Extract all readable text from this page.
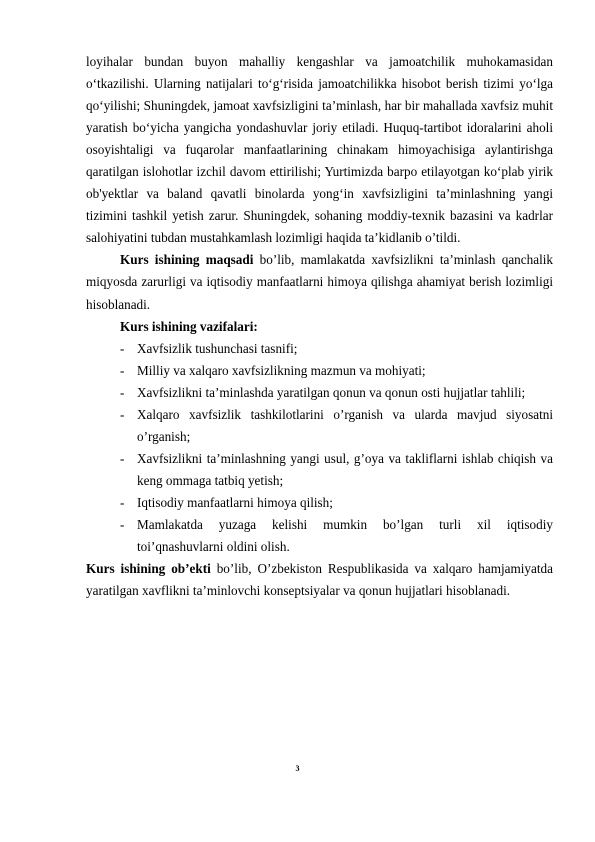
loyihalar bundan buyon mahalliy kengashlar va jamoatchilik muhokamasidan o‘tkazilishi. Ularning natijalari to‘g‘risida jamoatchilikka hisobot berish tizimi yo‘lga qo‘yilishi; Shuningdek, jamoat xavfsizligini ta’minlash, har bir mahallada xavfsiz muhit yaratish bo‘yicha yangicha yondashuvlar joriy etiladi. Huquq-tartibot idoralarini aholi osoyishtaligi va fuqarolar manfaatlarining chinakam himoyachisiga aylantirishga qaratilgan islohotlar izchil davom ettirilishi; Yurtimizda barpo etilayotgan ko‘plab yirik ob'yektlar va baland qavatli binolarda yong‘in xavfsizligini ta’minlashning yangi tizimini tashkil yetish zarur. Shuningdek, sohaning moddiy-texnik bazasini va kadrlar salohiyatini tubdan mustahkamlash lozimligi haqida ta’kidlanib o’tildi.

Kurs ishining maqsadi bo’lib, mamlakatda xavfsizlikni ta’minlash qanchalik miqyosda zarurligi va iqtisodiy manfaatlarni himoya qilishga ahamiyat berish lozimligi hisoblanadi.

Kurs ishining vazifalari:

- Xavfsizlik tushunchasi tasnifi;
- Milliy va xalqaro xavfsizlikning mazmun va mohiyati;
- Xavfsizlikni ta’minlashda yaratilgan qonun va qonun osti hujjatlar tahlili;
- Xalqaro xavfsizlik tashkilotlarini o’rganish va ularda mavjud siyosatni o’rganish;
- Xavfsizlikni ta’minlashning yangi usul, g’oya va takliflarni ishlab chiqish va keng ommaga tatbiq yetish;
- Iqtisodiy manfaatlarni himoya qilish;
- Mamlakatda yuzaga kelishi mumkin bo’lgan turli xil iqtisodiy toi’qnashuvlarni oldini olish.

Kurs ishining ob’ekti bo’lib, O’zbekiston Respublikasida va xalqaro hamjamiyatda yaratilgan xavflikni ta’minlovchi konseptsiyalar va qonun hujjatlari hisoblanadi.

3
